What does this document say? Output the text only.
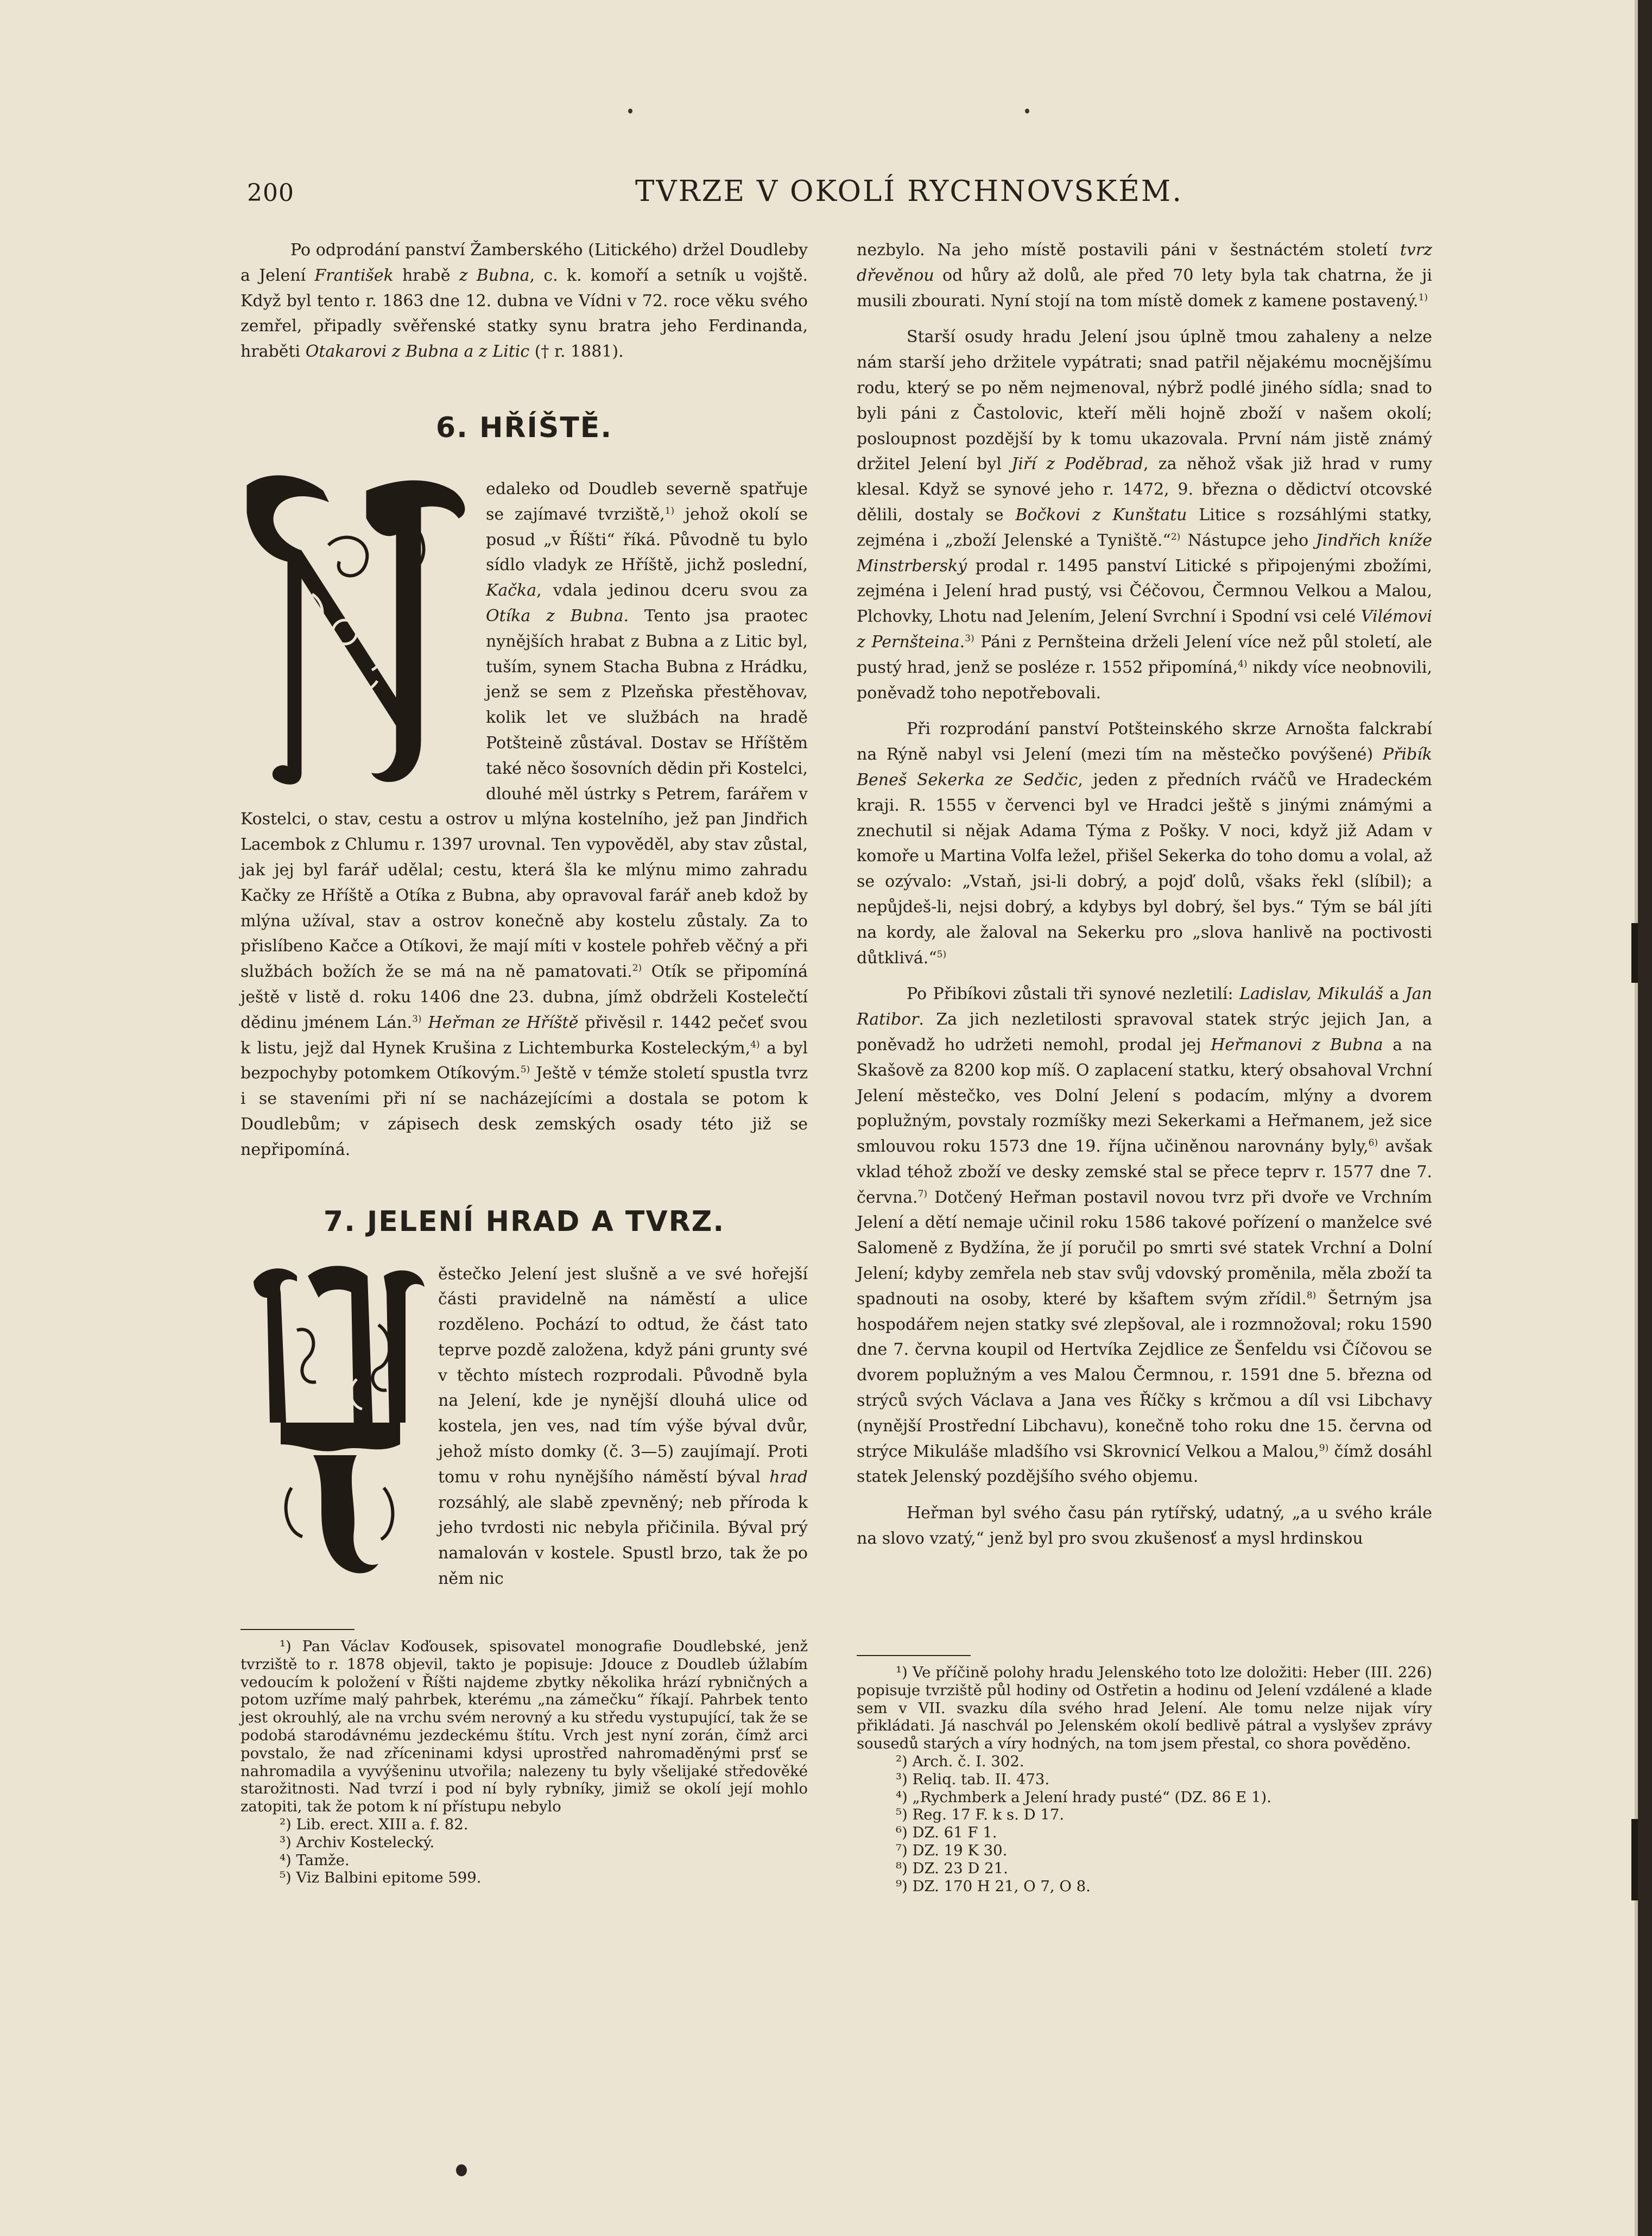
200	TVRZE V OKOLÍ RYCHNOVSKÉM.

Po odprodání panství Žamberského (Litického) držel Doudleby a Jelení František hrabě z Bubna, c. k. komoří a setník u vojště. Když byl tento r. 1863 dne 12. dubna ve Vídni v 72. roce věku svého zemřel, připadly svěřenské statky synu bratra jeho Ferdinanda, hraběti Otakarovi z Bubna a z Litic († r. 1881).

6. HŘÍŠTĚ.

edaleko od Doudleb severně spatřuje se zajímavé tvrziště,$^{1)}$ jehož okolí se posud „v Říšti“ říká. Původně tu bylo sídlo vladyk ze Hříště, jichž poslední, Kačka, vdala jedinou dceru svou za Otíka z Bubna. Tento jsa praotec nynějších hrabat z Bubna a z Litic byl, tuším, synem Stacha Bubna z Hrádku, jenž se sem z Plzeňska přestěhovav, kolik let ve službách na hradě Potšteině zůstával. Dostav se Hříštěm také něco šosovních dědin při Kostelci, dlouhé měl ústrky s Petrem, farářem v Kostelci, o stav, cestu a ostrov u mlýna kostelního, jež pan Jindřich Lacembok z Chlumu r. 1397 urovnal. Ten vypověděl, aby stav zůstal, jak jej byl farář udělal; cestu, která šla ke mlýnu mimo zahradu Kačky ze Hříště a Otíka z Bubna, aby opravoval farář aneb kdož by mlýna užíval, stav a ostrov konečně aby kostelu zůstaly. Za to přislíbeno Kačce a Otíkovi, že mají míti v kostele pohřeb věčný a při službách božích že se má na ně pamatovati.$^{2)}$ Otík se připomíná ještě v listě d. roku 1406 dne 23. dubna, jímž obdrželi Kostelečtí dědinu jménem Lán.$^{3)}$ Heřman ze Hříště přivěsil r. 1442 pečeť svou k listu, jejž dal Hynek Krušina z Lichtemburka Kosteleckým,$^{4)}$ a byl bezpochyby potomkem Otíkovým.$^{5)}$ Ještě v témže století spustla tvrz i se staveními při ní se nacházejícími a dostala se potom k Doudlebům; v zápisech desk zemských osady této již se nepřipomíná.

7. JELENÍ HRAD A TVRZ.

ěstečko Jelení jest slušně a ve své hořejší části pravidelně na náměstí a ulice rozděleno. Pochází to odtud, že část tato teprve pozdě založena, když páni grunty své v těchto místech rozprodali. Původně byla na Jelení, kde je nynější dlouhá ulice od kostela, jen ves, nad tím výše býval dvůr, jehož místo domky (č. 3—5) zaujímají. Proti tomu v rohu nynějšího náměstí býval hrad rozsáhlý, ale slabě zpevněný; neb příroda k jeho tvrdosti nic nebyla přičinila. Býval prý namalován v kostele. Spustl brzo, tak že po něm nic

nezbylo. Na jeho místě postavili páni v šestnáctém století tvrz dřevěnou od hůry až dolů, ale před 70 lety byla tak chatrna, že ji musili zbourati. Nyní stojí na tom místě domek z kamene postavený.$^{1)}$

Starší osudy hradu Jelení jsou úplně tmou zahaleny a nelze nám starší jeho držitele vypátrati; snad patřil nějakému mocnějšímu rodu, který se po něm nejmenoval, nýbrž podlé jiného sídla; snad to byli páni z Častolovic, kteří měli hojně zboží v našem okolí; posloupnost pozdější by k tomu ukazovala. První nám jistě známý držitel Jelení byl Jiří z Poděbrad, za něhož však již hrad v rumy klesal. Když se synové jeho r. 1472, 9. března o dědictví otcovské dělili, dostaly se Bočkovi z Kunštatu Litice s rozsáhlými statky, zejména i „zboží Jelenské a Tyniště.“$^{2)}$ Nástupce jeho Jindřich kníže Minstrberský prodal r. 1495 panství Litické s připojenými zbožími, zejména i Jelení hrad pustý, vsi Čéčovou, Čermnou Velkou a Malou, Plchovky, Lhotu nad Jelením, Jelení Svrchní i Spodní vsi celé Vilémovi z Pernšteina.$^{3)}$ Páni z Pernšteina drželi Jelení více než půl století, ale pustý hrad, jenž se posléze r. 1552 připomíná,$^{4)}$ nikdy více neobnovili, poněvadž toho nepotřebovali.

Při rozprodání panství Potšteinského skrze Arnošta falckrabí na Rýně nabyl vsi Jelení (mezi tím na městečko povýšené) Přibík Beneš Sekerka ze Sedčic, jeden z předních rváčů ve Hradeckém kraji. R. 1555 v červenci byl ve Hradci ještě s jinými známými a znechutil si nějak Adama Týma z Pošky. V noci, když již Adam v komoře u Martina Volfa ležel, přišel Sekerka do toho domu a volal, až se ozývalo: „Vstaň, jsi-li dobrý, a pojď dolů, všaks řekl (slíbil); a nepůjdeš-li, nejsi dobrý, a kdybys byl dobrý, šel bys.“ Tým se bál jíti na kordy, ale žaloval na Sekerku pro „slova hanlivě na poctivosti důtklivá.“$^{5)}$

Po Přibíkovi zůstali tři synové nezletilí: Ladislav, Mikuláš a Jan Ratibor. Za jich nezletilosti spravoval statek strýc jejich Jan, a poněvadž ho udržeti nemohl, prodal jej Heřmanovi z Bubna a na Skašově za 8200 kop míš. O zaplacení statku, který obsahoval Vrchní Jelení městečko, ves Dolní Jelení s podacím, mlýny a dvorem poplužným, povstaly rozmíšky mezi Sekerkami a Heřmanem, jež sice smlouvou roku 1573 dne 19. října učiněnou narovnány byly,$^{6)}$ avšak vklad téhož zboží ve desky zemské stal se přece teprv r. 1577 dne 7. června.$^{7)}$ Dotčený Heřman postavil novou tvrz při dvoře ve Vrchním Jelení a dětí nemaje učinil roku 1586 takové pořízení o manželce své Salomeně z Bydžína, že jí poručil po smrti své statek Vrchní a Dolní Jelení; kdyby zemřela neb stav svůj vdovský proměnila, měla zboží ta spadnouti na osoby, které by kšaftem svým zřídil.$^{8)}$ Šetrným jsa hospodářem nejen statky své zlepšoval, ale i rozmnožoval; roku 1590 dne 7. června koupil od Hertvíka Zejdlice ze Šenfeldu vsi Číčovou se dvorem poplužným a ves Malou Čermnou, r. 1591 dne 5. března od strýců svých Václava a Jana ves Říčky s krčmou a díl vsi Libchavy (nynější Prostřední Libchavu), konečně toho roku dne 15. června od strýce Mikuláše mladšího vsi Skrovnicí Velkou a Malou,$^{9)}$ čímž dosáhl statek Jelenský pozdějšího svého objemu.

Heřman byl svého času pán rytířský, udatný, „a u svého krále na slovo vzatý,“ jenž byl pro svou zkušenosť a mysl hrdinskou

¹) Pan Václav Koďousek, spisovatel monografie Doudlebské, jenž tvrziště to r. 1878 objevil, takto je popisuje: Jdouce z Doudleb úžlabím vedoucím k položení v Říšti najdeme zbytky několika hrází rybničných a potom uzříme malý pahrbek, kterému „na zámečku“ říkají. Pahrbek tento jest okrouhlý, ale na vrchu svém nerovný a ku středu vystupující, tak že se podobá starodávnému jezdeckému štítu. Vrch jest nyní zorán, čímž arci povstalo, že nad zříceninami kdysi uprostřed nahromaděnými prsť se nahromadila a vyvýšeninu utvořila; nalezeny tu byly všelijaké středověké starožitnosti. Nad tvrzí i pod ní byly rybníky, jimiž se okolí její mohlo zatopiti, tak že potom k ní přístupu nebylo

²) Lib. erect. XIII a. f. 82.

³) Archiv Kostelecký.

⁴) Tamže.

⁵) Viz Balbini epitome 599.

¹) Ve příčině polohy hradu Jelenského toto lze doložiti: Heber (III. 226) popisuje tvrziště půl hodiny od Ostřetin a hodinu od Jelení vzdálené a klade sem v VII. svazku díla svého hrad Jelení. Ale tomu nelze nijak víry přikládati. Já naschvál po Jelenském okolí bedlivě pátral a vyslyšev zprávy sousedů starých a víry hodných, na tom jsem přestal, co shora pověděno.

²) Arch. č. I. 302.

³) Reliq. tab. II. 473.

⁴) „Rychmberk a Jelení hrady pusté“ (DZ. 86 E 1).

⁵) Reg. 17 F. k s. D 17.

⁶) DZ. 61 F 1.

⁷) DZ. 19 K 30.

⁸) DZ. 23 D 21.

⁹) DZ. 170 H 21, O 7, O 8.
